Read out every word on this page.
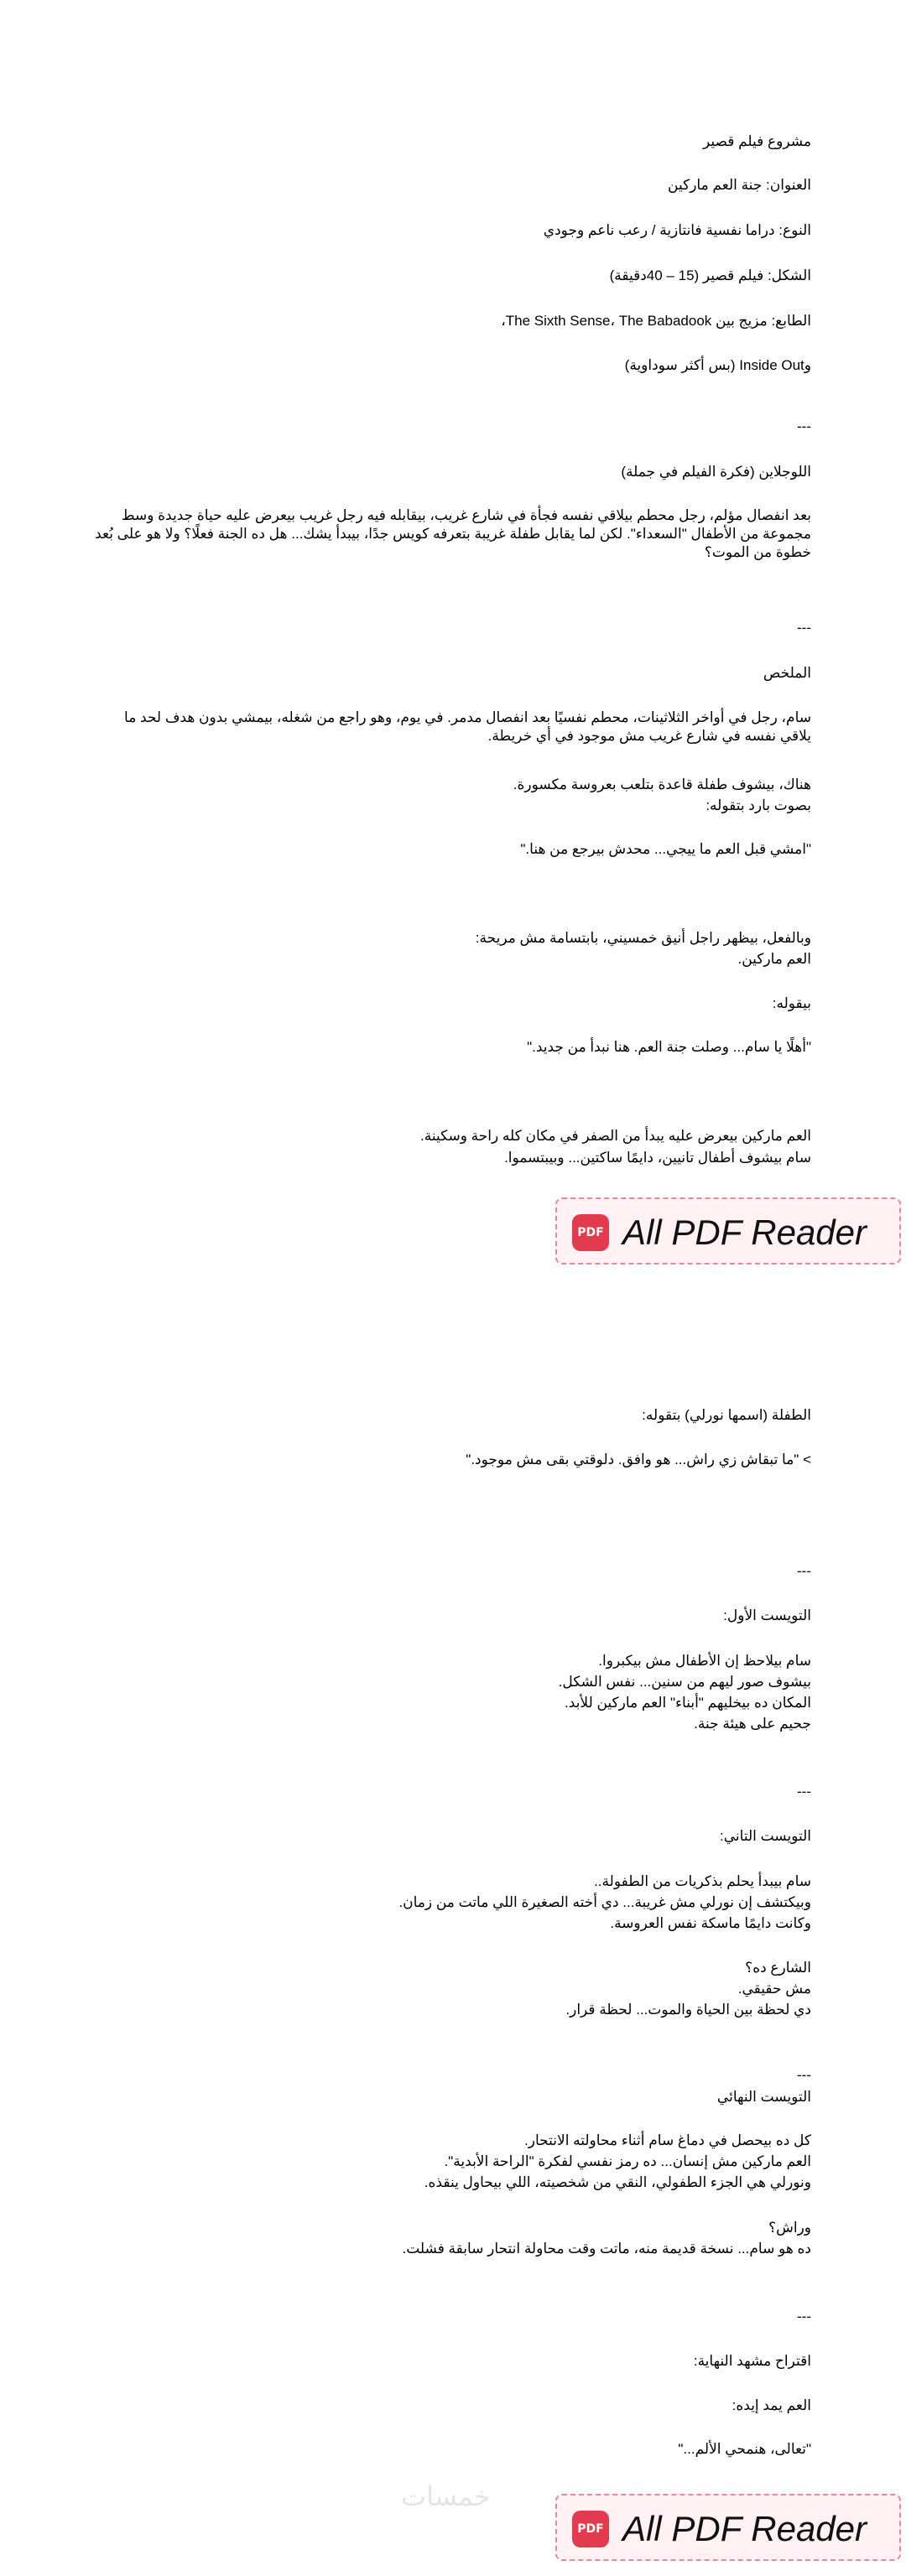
مشروع فيلم قصير
العنوان: جنة العم ماركين
النوع: دراما نفسية فانتازية / رعب ناعم وجودي
الشكل: فيلم قصير (15 – 40دقيقة)
الطابع: مزيج بين The Sixth Sense، The Babadook،
وInside Out (بس أكثر سوداوية)
---
اللوجلاين (فكرة الفيلم في جملة)
بعد انفصال مؤلم، رجل محطم بيلاقي نفسه فجأة في شارع غريب، بيقابله فيه رجل غريب بيعرض عليه حياة جديدة وسط مجموعة من الأطفال "السعداء". لكن لما يقابل طفلة غريبة بتعرفه كويس جدًا، بيبدأ يشك... هل ده الجنة فعلًا؟ ولا هو على بُعد خطوة من الموت؟
---
الملخص
سام، رجل في أواخر الثلاثينات، محطم نفسيًا بعد انفصال مدمر. في يوم، وهو راجع من شغله، بيمشي بدون هدف لحد ما يلاقي نفسه في شارع غريب مش موجود في أي خريطة.
هناك، بيشوف طفلة قاعدة بتلعب بعروسة مكسورة.
بصوت بارد بتقوله:
"امشي قبل العم ما ييجي... محدش بيرجع من هنا."
وبالفعل، بيظهر راجل أنيق خمسيني، بابتسامة مش مريحة:
العم ماركين.
بيقوله:
"أهلًا يا سام... وصلت جنة العم. هنا نبدأ من جديد."
العم ماركين بيعرض عليه يبدأ من الصفر في مكان كله راحة وسكينة.
سام بيشوف أطفال تانيين، دايمًا ساكتين... وبيبتسموا.
PDF All PDF Reader
الطفلة (اسمها نورلي) بتقوله:
> "ما تبقاش زي راش... هو وافق. دلوقتي بقى مش موجود."
---
التويست الأول:
سام بيلاحظ إن الأطفال مش بيكبروا.
بيشوف صور ليهم من سنين... نفس الشكل.
المكان ده بيخليهم "أبناء" العم ماركين للأبد.
جحيم على هيئة جنة.
---
التويست التاني:
سام بيبدأ يحلم بذكريات من الطفولة..
وبيكتشف إن نورلي مش غريبة... دي أخته الصغيرة اللي ماتت من زمان.
وكانت دايمًا ماسكة نفس العروسة.
الشارع ده؟
مش حقيقي.
دي لحظة بين الحياة والموت... لحظة قرار.
---
التويست النهائي
كل ده بيحصل في دماغ سام أثناء محاولته الانتحار.
العم ماركين مش إنسان... ده رمز نفسي لفكرة "الراحة الأبدية".
ونورلي هي الجزء الطفولي، النقي من شخصيته، اللي بيحاول ينقذه.
وراش؟
ده هو سام... نسخة قديمة منه، ماتت وقت محاولة انتحار سابقة فشلت.
---
اقتراح مشهد النهاية:
العم يمد إيده:
"تعالى، هنمحي الألم..."
PDF All PDF Reader
خمسات
